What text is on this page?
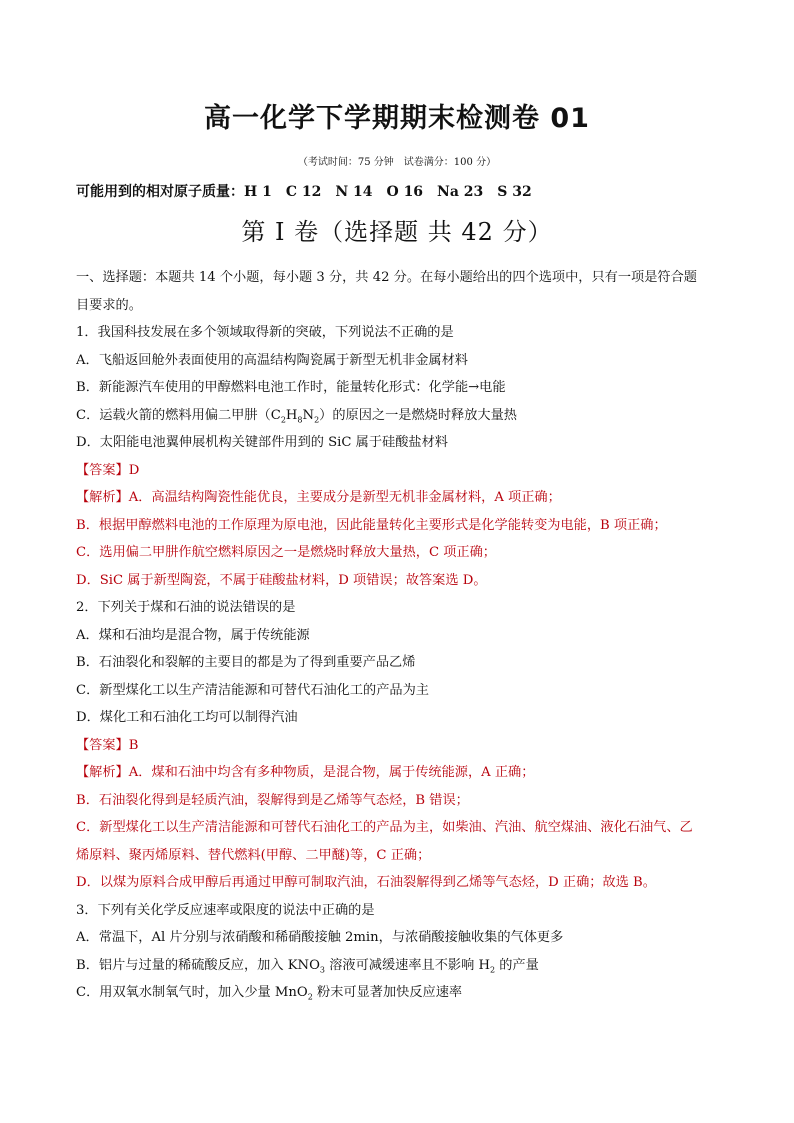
高一化学下学期期末检测卷 01
（考试时间：75 分钟　试卷满分：100 分）
可能用到的相对原子质量：H 1　C 12　N 14　O 16　Na 23　S 32
第 I 卷（选择题 共 42 分）
一、选择题：本题共 14 个小题，每小题 3 分，共 42 分。在每小题给出的四个选项中，只有一项是符合题
目要求的。
1．我国科技发展在多个领域取得新的突破，下列说法不正确的是
A．飞船返回舱外表面使用的高温结构陶瓷属于新型无机非金属材料
B．新能源汽车使用的甲醇燃料电池工作时，能量转化形式：化学能→电能
C．运载火箭的燃料用偏二甲肼$(C_2H_8N_2)$的原因之一是燃烧时释放大量热
D．太阳能电池翼伸展机构关键部件用到的 SiC 属于硅酸盐材料
【答案】D
【解析】A．高温结构陶瓷性能优良，主要成分是新型无机非金属材料，A 项正确；
B．根据甲醇燃料电池的工作原理为原电池，因此能量转化主要形式是化学能转变为电能，B 项正确；
C．选用偏二甲肼作航空燃料原因之一是燃烧时释放大量热，C 项正确；
D．SiC 属于新型陶瓷，不属于硅酸盐材料，D 项错误；故答案选 D。
2．下列关于煤和石油的说法错误的是
A．煤和石油均是混合物，属于传统能源
B．石油裂化和裂解的主要目的都是为了得到重要产品乙烯
C．新型煤化工以生产清洁能源和可替代石油化工的产品为主
D．煤化工和石油化工均可以制得汽油
【答案】B
【解析】A．煤和石油中均含有多种物质，是混合物，属于传统能源，A 正确；
B．石油裂化得到是轻质汽油，裂解得到是乙烯等气态烃，B 错误；
C．新型煤化工以生产清洁能源和可替代石油化工的产品为主，如柴油、汽油、航空煤油、液化石油气、乙
烯原料、聚丙烯原料、替代燃料(甲醇、二甲醚)等，C 正确；
D．以煤为原料合成甲醇后再通过甲醇可制取汽油，石油裂解得到乙烯等气态烃，D 正确；故选 B。
3．下列有关化学反应速率或限度的说法中正确的是
A．常温下，Al 片分别与浓硝酸和稀硝酸接触 2min，与浓硝酸接触收集的气体更多
B．铝片与过量的稀硫酸反应，加入 $KNO_3$ 溶液可减缓速率且不影响 $H_2$ 的产量
C．用双氧水制氧气时，加入少量 MnO$_2$ 粉末可显著加快反应速率
